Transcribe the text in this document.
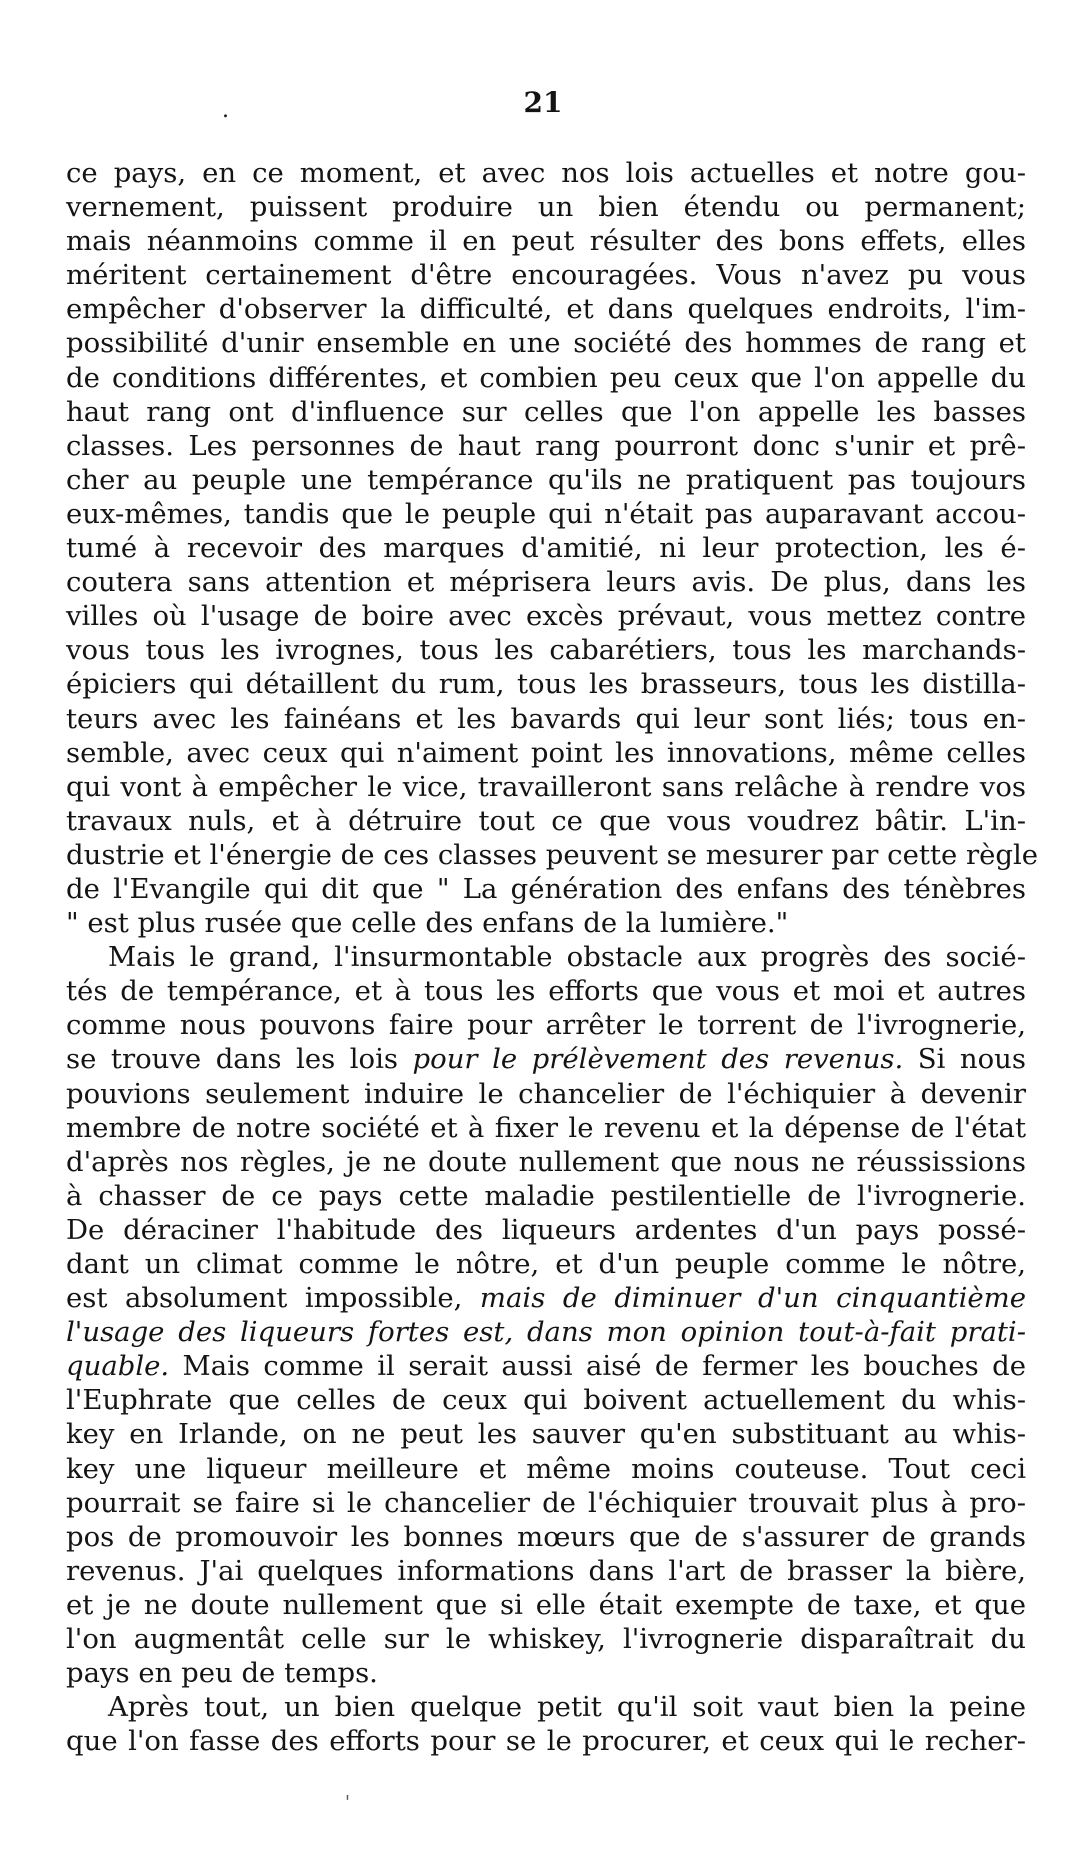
.	21
ce pays, en ce moment, et avec nos lois actuelles et notre gou-
vernement, puissent produire un bien étendu ou permanent;
mais néanmoins comme il en peut résulter des bons effets, elles
méritent certainement d'être encouragées. Vous n'avez pu vous
empêcher d'observer la difficulté, et dans quelques endroits, l'im-
possibilité d'unir ensemble en une société des hommes de rang et
de conditions différentes, et combien peu ceux que l'on appelle du
haut rang ont d'influence sur celles que l'on appelle les basses
classes. Les personnes de haut rang pourront donc s'unir et prê-
cher au peuple une tempérance qu'ils ne pratiquent pas toujours
eux-mêmes, tandis que le peuple qui n'était pas auparavant accou-
tumé à recevoir des marques d'amitié, ni leur protection, les é-
coutera sans attention et méprisera leurs avis. De plus, dans les
villes où l'usage de boire avec excès prévaut, vous mettez contre
vous tous les ivrognes, tous les cabarétiers, tous les marchands-
épiciers qui détaillent du rum, tous les brasseurs, tous les distilla-
teurs avec les fainéans et les bavards qui leur sont liés; tous en-
semble, avec ceux qui n'aiment point les innovations, même celles
qui vont à empêcher le vice, travailleront sans relâche à rendre vos
travaux nuls, et à détruire tout ce que vous voudrez bâtir. L'in-
dustrie et l'énergie de ces classes peuvent se mesurer par cette règle
de l'Evangile qui dit que " La génération des enfans des ténèbres
" est plus rusée que celle des enfans de la lumière."
Mais le grand, l'insurmontable obstacle aux progrès des socié-
tés de tempérance, et à tous les efforts que vous et moi et autres
comme nous pouvons faire pour arrêter le torrent de l'ivrognerie,
se trouve dans les lois pour le prélèvement des revenus. Si nous
pouvions seulement induire le chancelier de l'échiquier à devenir
membre de notre société et à fixer le revenu et la dépense de l'état
d'après nos règles, je ne doute nullement que nous ne réussissions
à chasser de ce pays cette maladie pestilentielle de l'ivrognerie.
De déraciner l'habitude des liqueurs ardentes d'un pays possé-
dant un climat comme le nôtre, et d'un peuple comme le nôtre,
est absolument impossible, mais de diminuer d'un cinquantième
l'usage des liqueurs fortes est, dans mon opinion tout-à-fait prati-
quable. Mais comme il serait aussi aisé de fermer les bouches de
l'Euphrate que celles de ceux qui boivent actuellement du whis-
key en Irlande, on ne peut les sauver qu'en substituant au whis-
key une liqueur meilleure et même moins couteuse. Tout ceci
pourrait se faire si le chancelier de l'échiquier trouvait plus à pro-
pos de promouvoir les bonnes mœurs que de s'assurer de grands
revenus. J'ai quelques informations dans l'art de brasser la bière,
et je ne doute nullement que si elle était exempte de taxe, et que
l'on augmentât celle sur le whiskey, l'ivrognerie disparaîtrait du
pays en peu de temps.
Après tout, un bien quelque petit qu'il soit vaut bien la peine
que l'on fasse des efforts pour se le procurer, et ceux qui le recher-
'
